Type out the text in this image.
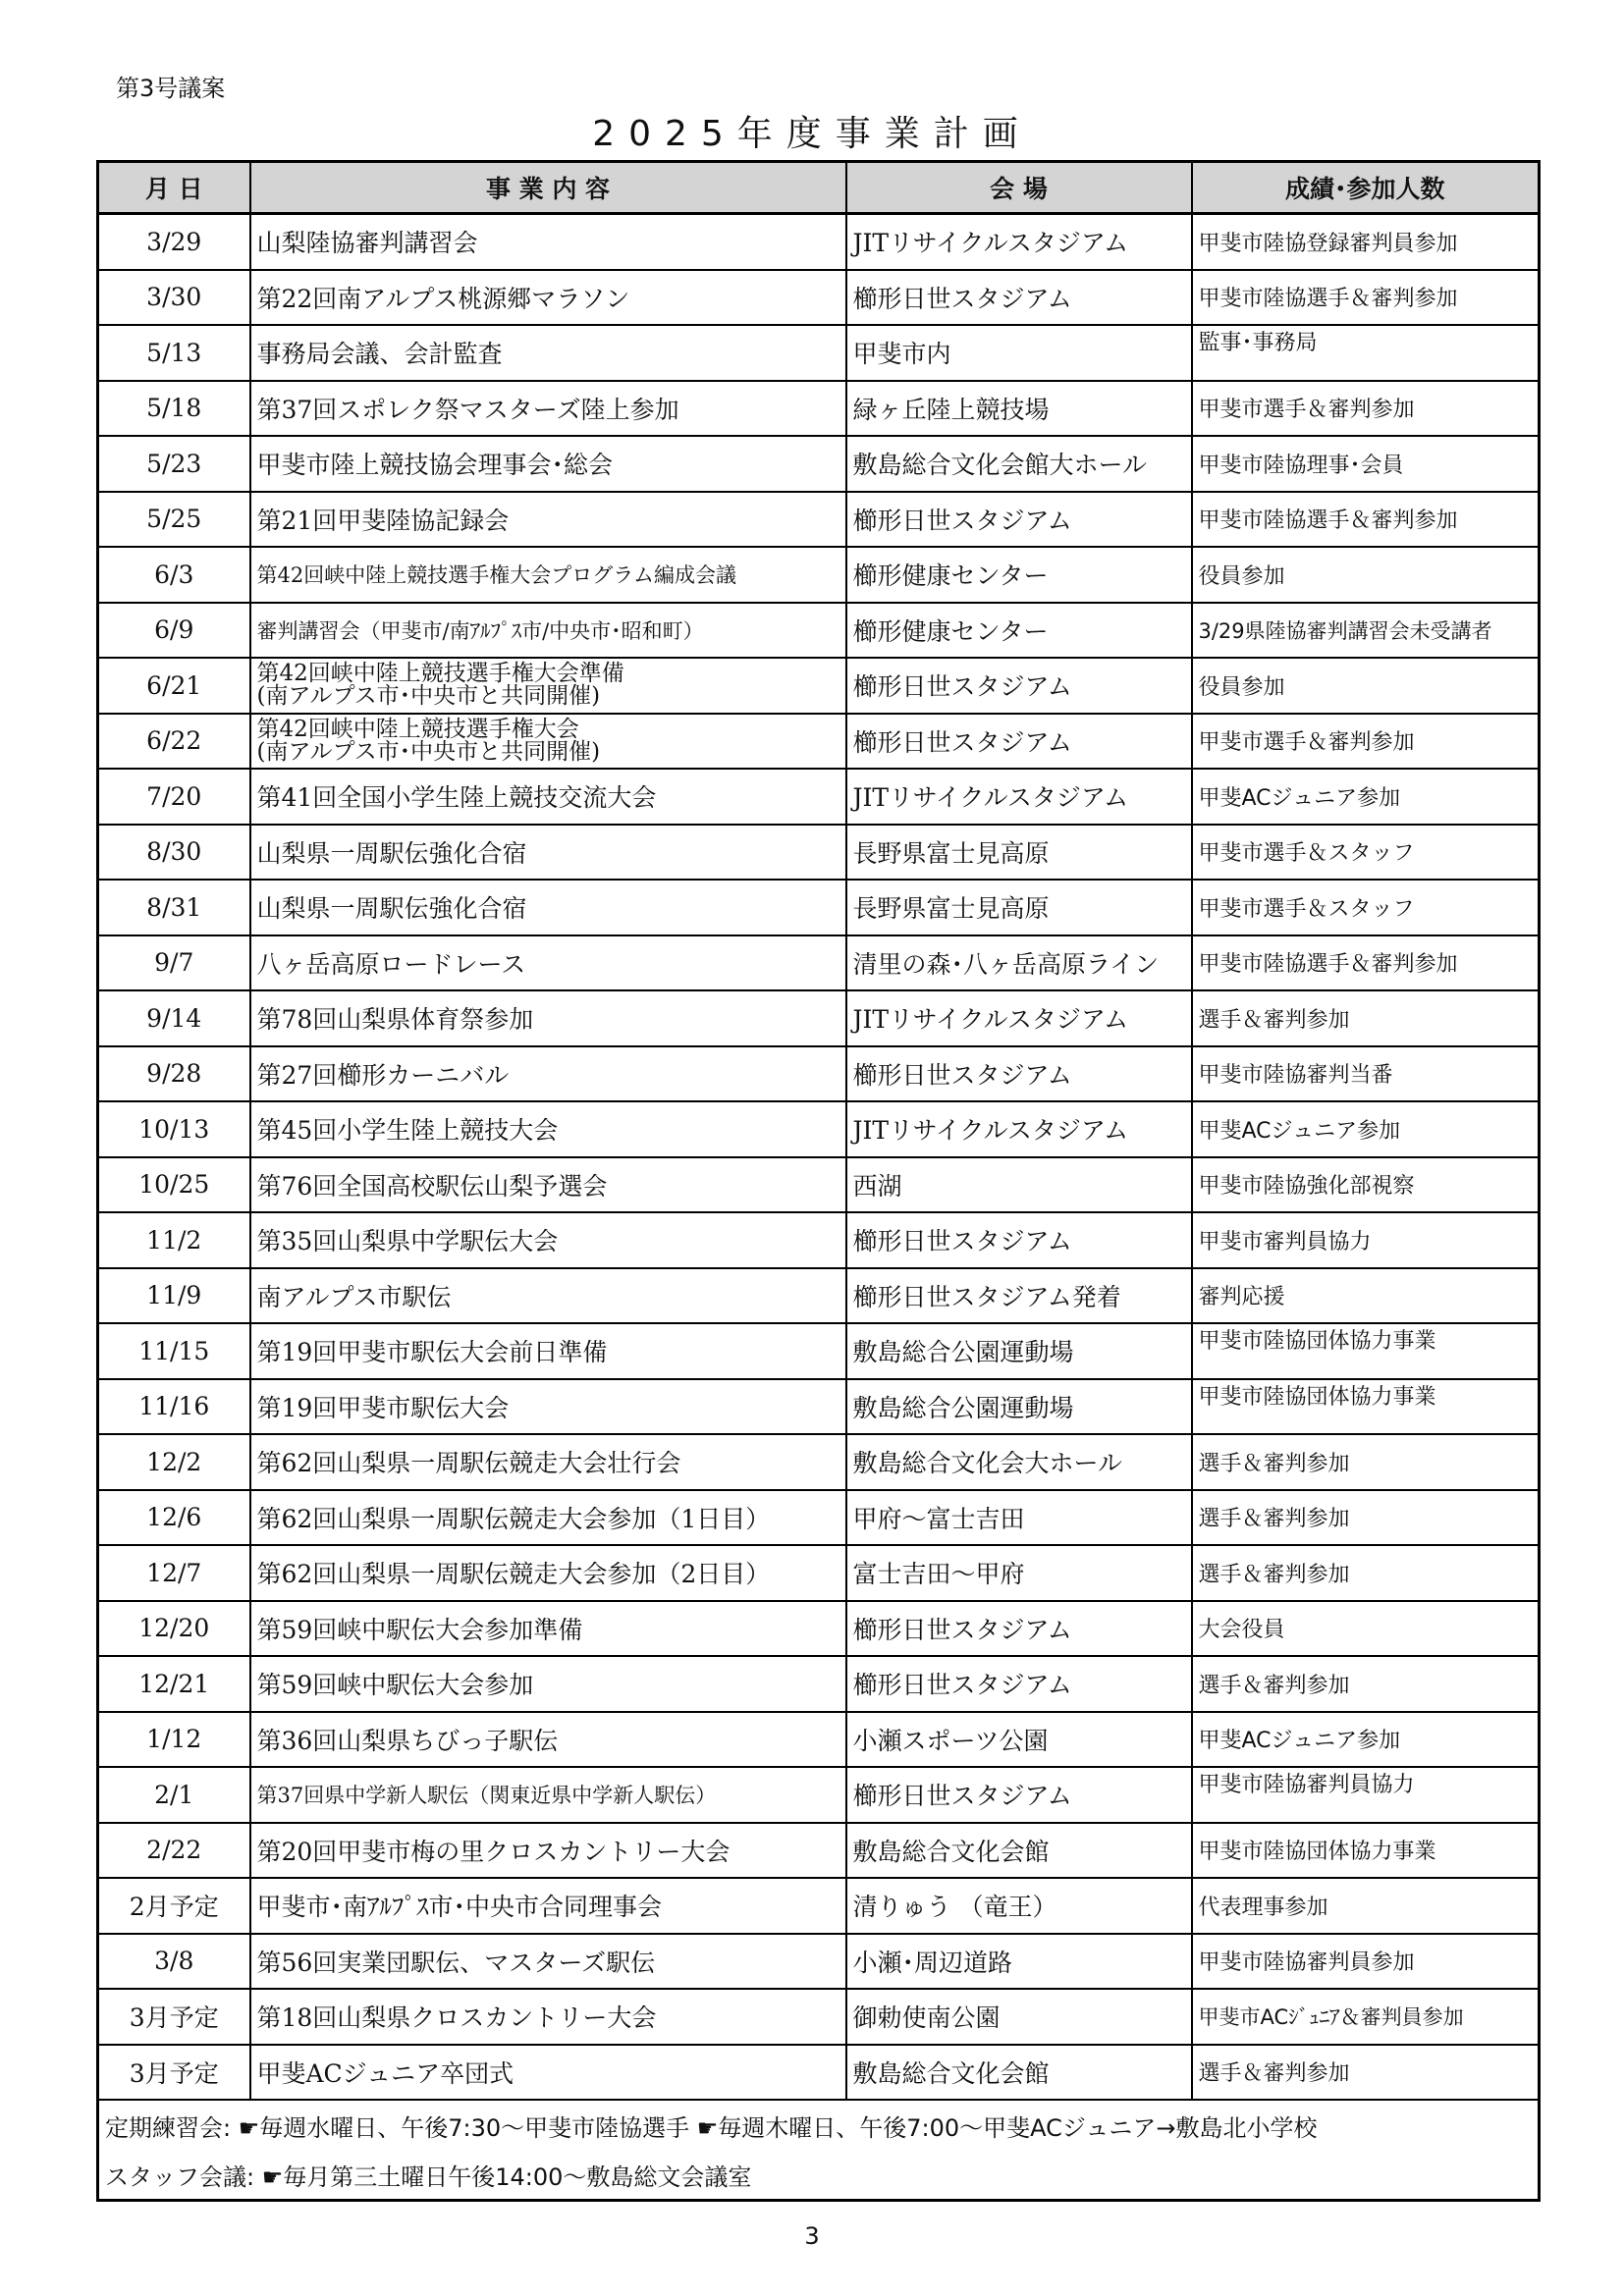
第3号議案
2025年度事業計画
月 日	事 業 内 容	会 場	成績･参加人数
3/29	山梨陸協審判講習会	JITリサイクルスタジアム	甲斐市陸協登録審判員参加
3/30	第22回南アルプス桃源郷マラソン	櫛形日世スタジアム	甲斐市陸協選手＆審判参加
5/13	事務局会議、会計監査	甲斐市内	監事･事務局
5/18	第37回スポレク祭マスターズ陸上参加	緑ヶ丘陸上競技場	甲斐市選手＆審判参加
5/23	甲斐市陸上競技協会理事会･総会	敷島総合文化会館大ホール	甲斐市陸協理事･会員
5/25	第21回甲斐陸協記録会	櫛形日世スタジアム	甲斐市陸協選手＆審判参加
6/3	第42回峡中陸上競技選手権大会プログラム編成会議	櫛形健康センター	役員参加
6/9	審判講習会（甲斐市/南ｱﾙﾌﾟｽ市/中央市･昭和町）	櫛形健康センター	3/29県陸協審判講習会未受講者
6/21	第42回峡中陸上競技選手権大会準備
(南アルプス市･中央市と共同開催)	櫛形日世スタジアム	役員参加
6/22	第42回峡中陸上競技選手権大会
(南アルプス市･中央市と共同開催)	櫛形日世スタジアム	甲斐市選手＆審判参加
7/20	第41回全国小学生陸上競技交流大会	JITリサイクルスタジアム	甲斐ACジュニア参加
8/30	山梨県一周駅伝強化合宿	長野県富士見高原	甲斐市選手＆スタッフ
8/31	山梨県一周駅伝強化合宿	長野県富士見高原	甲斐市選手＆スタッフ
9/7	八ヶ岳高原ロードレース	清里の森･八ヶ岳高原ライン	甲斐市陸協選手＆審判参加
9/14	第78回山梨県体育祭参加	JITリサイクルスタジアム	選手＆審判参加
9/28	第27回櫛形カーニバル	櫛形日世スタジアム	甲斐市陸協審判当番
10/13	第45回小学生陸上競技大会	JITリサイクルスタジアム	甲斐ACジュニア参加
10/25	第76回全国高校駅伝山梨予選会	西湖	甲斐市陸協強化部視察
11/2	第35回山梨県中学駅伝大会	櫛形日世スタジアム	甲斐市審判員協力
11/9	南アルプス市駅伝	櫛形日世スタジアム発着	審判応援
11/15	第19回甲斐市駅伝大会前日準備	敷島総合公園運動場	甲斐市陸協団体協力事業
11/16	第19回甲斐市駅伝大会	敷島総合公園運動場	甲斐市陸協団体協力事業
12/2	第62回山梨県一周駅伝競走大会壮行会	敷島総合文化会大ホール	選手＆審判参加
12/6	第62回山梨県一周駅伝競走大会参加（1日目）	甲府〜富士吉田	選手＆審判参加
12/7	第62回山梨県一周駅伝競走大会参加（2日目）	富士吉田〜甲府	選手＆審判参加
12/20	第59回峡中駅伝大会参加準備	櫛形日世スタジアム	大会役員
12/21	第59回峡中駅伝大会参加	櫛形日世スタジアム	選手＆審判参加
1/12	第36回山梨県ちびっ子駅伝	小瀬スポーツ公園	甲斐ACジュニア参加
2/1	第37回県中学新人駅伝（関東近県中学新人駅伝）	櫛形日世スタジアム	甲斐市陸協審判員協力
2/22	第20回甲斐市梅の里クロスカントリー大会	敷島総合文化会館	甲斐市陸協団体協力事業
2月予定	甲斐市･南ｱﾙﾌﾟｽ市･中央市合同理事会	清りゅう （竜王）	代表理事参加
3/8	第56回実業団駅伝、マスターズ駅伝	小瀬･周辺道路	甲斐市陸協審判員参加
3月予定	第18回山梨県クロスカントリー大会	御勅使南公園	甲斐市ACｼﾞｭﾆｱ＆審判員参加
3月予定	甲斐ACジュニア卒団式	敷島総合文化会館	選手＆審判参加
定期練習会: ☛毎週水曜日、午後7:30〜甲斐市陸協選手 ☛毎週木曜日、午後7:00〜甲斐ACジュニア→敷島北小学校			
スタッフ会議: ☛毎月第三土曜日午後14:00〜敷島総文会議室			
3
